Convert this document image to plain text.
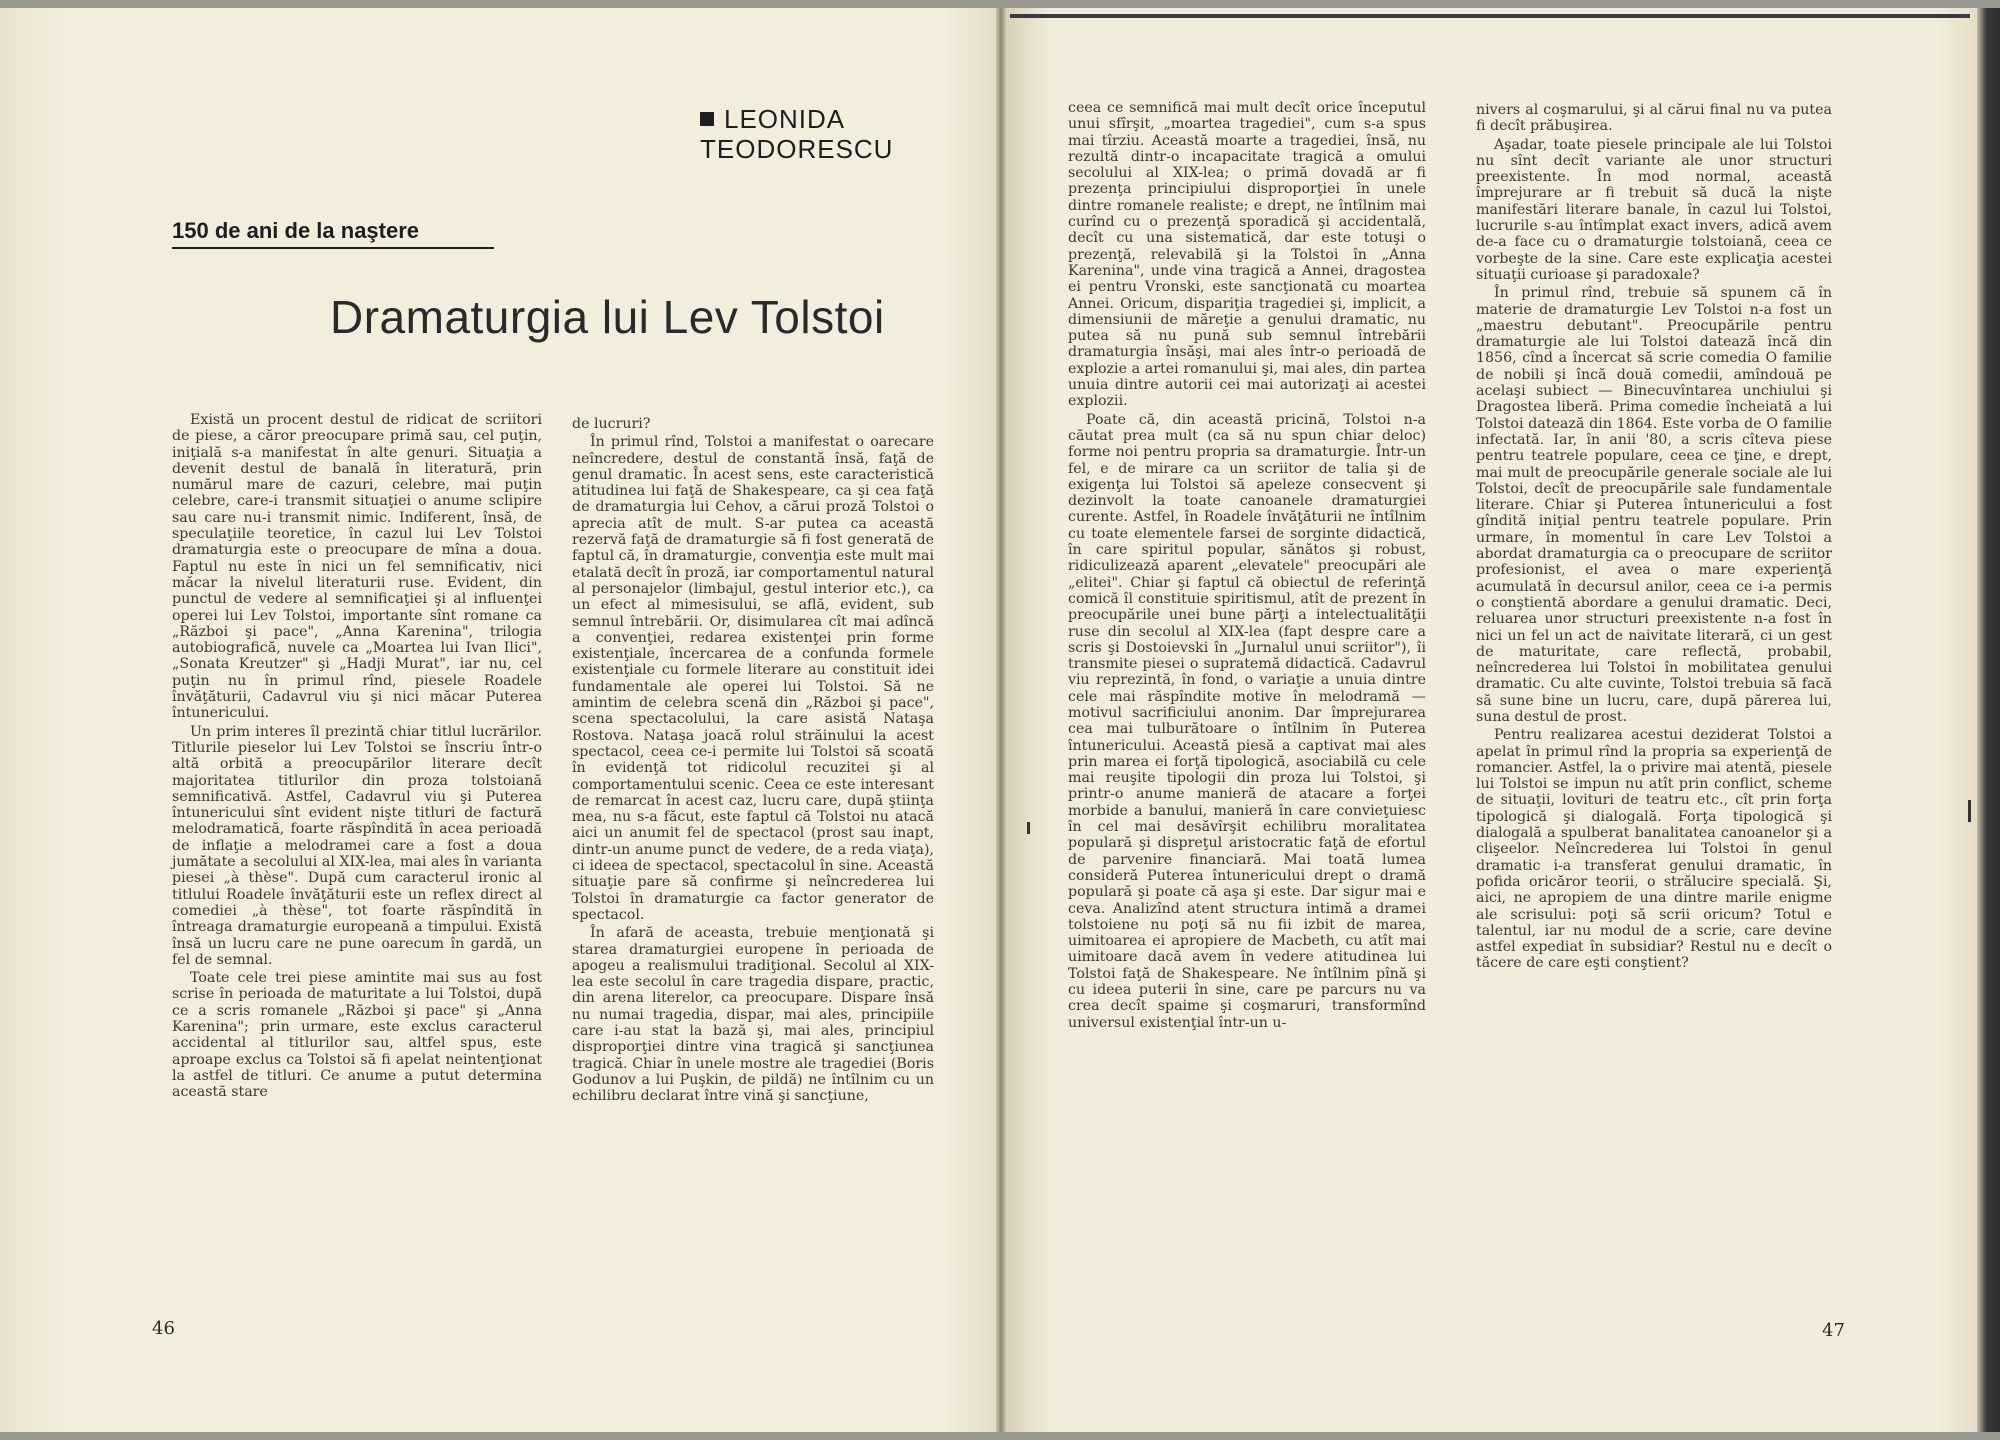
LEONIDA TEODORESCU
150 de ani de la naştere
Dramaturgia lui Lev Tolstoi

Există un procent destul de ridicat de scriitori de piese, a căror preocupare primă sau, cel puţin, iniţială s-a manifestat în alte genuri. Situaţia a devenit destul de banală în literatură, prin numărul mare de cazuri, celebre, mai puţin celebre, care-i transmit situaţiei o anume sclipire sau care nu-i transmit nimic. Indiferent, însă, de speculaţiile teoretice, în cazul lui Lev Tolstoi dramaturgia este o preocupare de mîna a doua. Faptul nu este în nici un fel semnificativ, nici măcar la nivelul literaturii ruse. Evident, din punctul de vedere al semnificaţiei şi al influenţei operei lui Lev Tolstoi, importante sînt romane ca „Război şi pace", „Anna Karenina", trilogia autobiografică, nuvele ca „Moartea lui Ivan Ilici", „Sonata Kreutzer" şi „Hadji Murat", iar nu, cel puţin nu în primul rînd, piesele Roadele învăţăturii, Cadavrul viu şi nici măcar Puterea întunericului.

Un prim interes îl prezintă chiar titlul lucrărilor. Titlurile pieselor lui Lev Tolstoi se înscriu într-o altă orbită a preocupărilor literare decît majoritatea titlurilor din proza tolstoiană semnificativă. Astfel, Cadavrul viu şi Puterea întunericului sînt evident nişte titluri de factură melodramatică, foarte răspîndită în acea perioadă de inflaţie a melodramei care a fost a doua jumătate a secolului al XIX-lea, mai ales în varianta piesei „à thèse". După cum caracterul ironic al titlului Roadele învăţăturii este un reflex direct al comediei „à thèse", tot foarte răspîndită în întreaga dramaturgie europeană a timpului. Există însă un lucru care ne pune oarecum în gardă, un fel de semnal.

Toate cele trei piese amintite mai sus au fost scrise în perioada de maturitate a lui Tolstoi, după ce a scris romanele „Război şi pace" şi „Anna Karenina"; prin urmare, este exclus caracterul accidental al titlurilor sau, altfel spus, este aproape exclus ca Tolstoi să fi apelat neintenţionat la astfel de titluri. Ce anume a putut determina această stare

de lucruri?

În primul rînd, Tolstoi a manifestat o oarecare neîncredere, destul de constantă însă, faţă de genul dramatic. În acest sens, este caracteristică atitudinea lui faţă de Shakespeare, ca şi cea faţă de dramaturgia lui Cehov, a cărui proză Tolstoi o aprecia atît de mult. S-ar putea ca această rezervă faţă de dramaturgie să fi fost generată de faptul că, în dramaturgie, convenţia este mult mai etalată decît în proză, iar comportamentul natural al personajelor (limbajul, gestul interior etc.), ca un efect al mimesisului, se află, evident, sub semnul întrebării. Or, disimularea cît mai adîncă a convenţiei, redarea existenţei prin forme existenţiale, încercarea de a confunda formele existenţiale cu formele literare au constituit idei fundamentale ale operei lui Tolstoi. Să ne amintim de celebra scenă din „Război şi pace", scena spectacolului, la care asistă Nataşa Rostova. Nataşa joacă rolul străinului la acest spectacol, ceea ce-i permite lui Tolstoi să scoată în evidenţă tot ridicolul recuzitei şi al comportamentului scenic. Ceea ce este interesant de remarcat în acest caz, lucru care, după ştiinţa mea, nu s-a făcut, este faptul că Tolstoi nu atacă aici un anumit fel de spectacol (prost sau inapt, dintr-un anume punct de vedere, de a reda viaţa), ci ideea de spectacol, spectacolul în sine. Această situaţie pare să confirme şi neîncrederea lui Tolstoi în dramaturgie ca factor generator de spectacol.

În afară de aceasta, trebuie menţionată şi starea dramaturgiei europene în perioada de apogeu a realismului tradiţional. Secolul al XIX-lea este secolul în care tragedia dispare, practic, din arena literelor, ca preocupare. Dispare însă nu numai tragedia, dispar, mai ales, principiile care i-au stat la bază şi, mai ales, principiul disproporţiei dintre vina tragică şi sancţiunea tragică. Chiar în unele mostre ale tragediei (Boris Godunov a lui Puşkin, de pildă) ne întîlnim cu un echilibru declarat între vină şi sancţiune,

ceea ce semnifică mai mult decît orice începutul unui sfîrşit, „moartea tragediei", cum s-a spus mai tîrziu. Această moarte a tragediei, însă, nu rezultă dintr-o incapacitate tragică a omului secolului al XIX-lea; o primă dovadă ar fi prezenţa principiului disproporţiei în unele dintre romanele realiste; e drept, ne întîlnim mai curînd cu o prezenţă sporadică şi accidentală, decît cu una sistematică, dar este totuşi o prezenţă, relevabilă şi la Tolstoi în „Anna Karenina", unde vina tragică a Annei, dragostea ei pentru Vronski, este sancţionată cu moartea Annei. Oricum, dispariţia tragediei şi, implicit, a dimensiunii de măreţie a genului dramatic, nu putea să nu pună sub semnul întrebării dramaturgia însăşi, mai ales într-o perioadă de explozie a artei romanului şi, mai ales, din partea unuia dintre autorii cei mai autorizaţi ai acestei explozii.

Poate că, din această pricină, Tolstoi n-a căutat prea mult (ca să nu spun chiar deloc) forme noi pentru propria sa dramaturgie. Într-un fel, e de mirare ca un scriitor de talia şi de exigenţa lui Tolstoi să apeleze consecvent şi dezinvolt la toate canoanele dramaturgiei curente. Astfel, în Roadele învăţăturii ne întîlnim cu toate elementele farsei de sorginte didactică, în care spiritul popular, sănătos şi robust, ridiculizează aparent „elevatele" preocupări ale „elitei". Chiar şi faptul că obiectul de referinţă comică îl constituie spiritismul, atît de prezent în preocupările unei bune părţi a intelectualităţii ruse din secolul al XIX-lea (fapt despre care a scris şi Dostoievski în „Jurnalul unui scriitor"), îi transmite piesei o supratemă didactică. Cadavrul viu reprezintă, în fond, o variaţie a unuia dintre cele mai răspîndite motive în melodramă — motivul sacrificiului anonim. Dar împrejurarea cea mai tulburătoare o întîlnim în Puterea întunericului. Această piesă a captivat mai ales prin marea ei forţă tipologică, asociabilă cu cele mai reuşite tipologii din proza lui Tolstoi, şi printr-o anume manieră de atacare a forţei morbide a banului, manieră în care convieţuiesc în cel mai desăvîrşit echilibru moralitatea populară şi dispreţul aristocratic faţă de efortul de parvenire financiară. Mai toată lumea consideră Puterea întunericului drept o dramă populară şi poate că aşa şi este. Dar sigur mai e ceva. Analizînd atent structura intimă a dramei tolstoiene nu poţi să nu fii izbit de marea, uimitoarea ei apropiere de Macbeth, cu atît mai uimitoare dacă avem în vedere atitudinea lui Tolstoi faţă de Shakespeare. Ne întîlnim pînă şi cu ideea puterii în sine, care pe parcurs nu va crea decît spaime şi coşmaruri, transformînd universul existenţial într-un u-

nivers al coşmarului, şi al cărui final nu va putea fi decît prăbuşirea.

Aşadar, toate piesele principale ale lui Tolstoi nu sînt decît variante ale unor structuri preexistente. În mod normal, această împrejurare ar fi trebuit să ducă la nişte manifestări literare banale, în cazul lui Tolstoi, lucrurile s-au întîmplat exact invers, adică avem de-a face cu o dramaturgie tolstoiană, ceea ce vorbeşte de la sine. Care este explicaţia acestei situaţii curioase şi paradoxale?

În primul rînd, trebuie să spunem că în materie de dramaturgie Lev Tolstoi n-a fost un „maestru debutant". Preocupările pentru dramaturgie ale lui Tolstoi datează încă din 1856, cînd a încercat să scrie comedia O familie de nobili şi încă două comedii, amîndouă pe acelaşi subiect — Binecuvîntarea unchiului şi Dragostea liberă. Prima comedie încheiată a lui Tolstoi datează din 1864. Este vorba de O familie infectată. Iar, în anii '80, a scris cîteva piese pentru teatrele populare, ceea ce ţine, e drept, mai mult de preocupările generale sociale ale lui Tolstoi, decît de preocupările sale fundamentale literare. Chiar şi Puterea întunericului a fost gîndită iniţial pentru teatrele populare. Prin urmare, în momentul în care Lev Tolstoi a abordat dramaturgia ca o preocupare de scriitor profesionist, el avea o mare experienţă acumulată în decursul anilor, ceea ce i-a permis o conştientă abordare a genului dramatic. Deci, reluarea unor structuri preexistente n-a fost în nici un fel un act de naivitate literară, ci un gest de maturitate, care reflectă, probabil, neîncrederea lui Tolstoi în mobilitatea genului dramatic. Cu alte cuvinte, Tolstoi trebuia să facă să sune bine un lucru, care, după părerea lui, suna destul de prost.

Pentru realizarea acestui deziderat Tolstoi a apelat în primul rînd la propria sa experienţă de romancier. Astfel, la o privire mai atentă, piesele lui Tolstoi se impun nu atît prin conflict, scheme de situaţii, lovituri de teatru etc., cît prin forţa tipologică şi dialogală. Forţa tipologică şi dialogală a spulberat banalitatea canoanelor şi a clişeelor. Neîncrederea lui Tolstoi în genul dramatic i-a transferat genului dramatic, în pofida oricăror teorii, o strălucire specială. Şi, aici, ne apropiem de una dintre marile enigme ale scrisului: poţi să scrii oricum? Totul e talentul, iar nu modul de a scrie, care devine astfel expediat în subsidiar? Restul nu e decît o tăcere de care eşti conştient?

46	47
